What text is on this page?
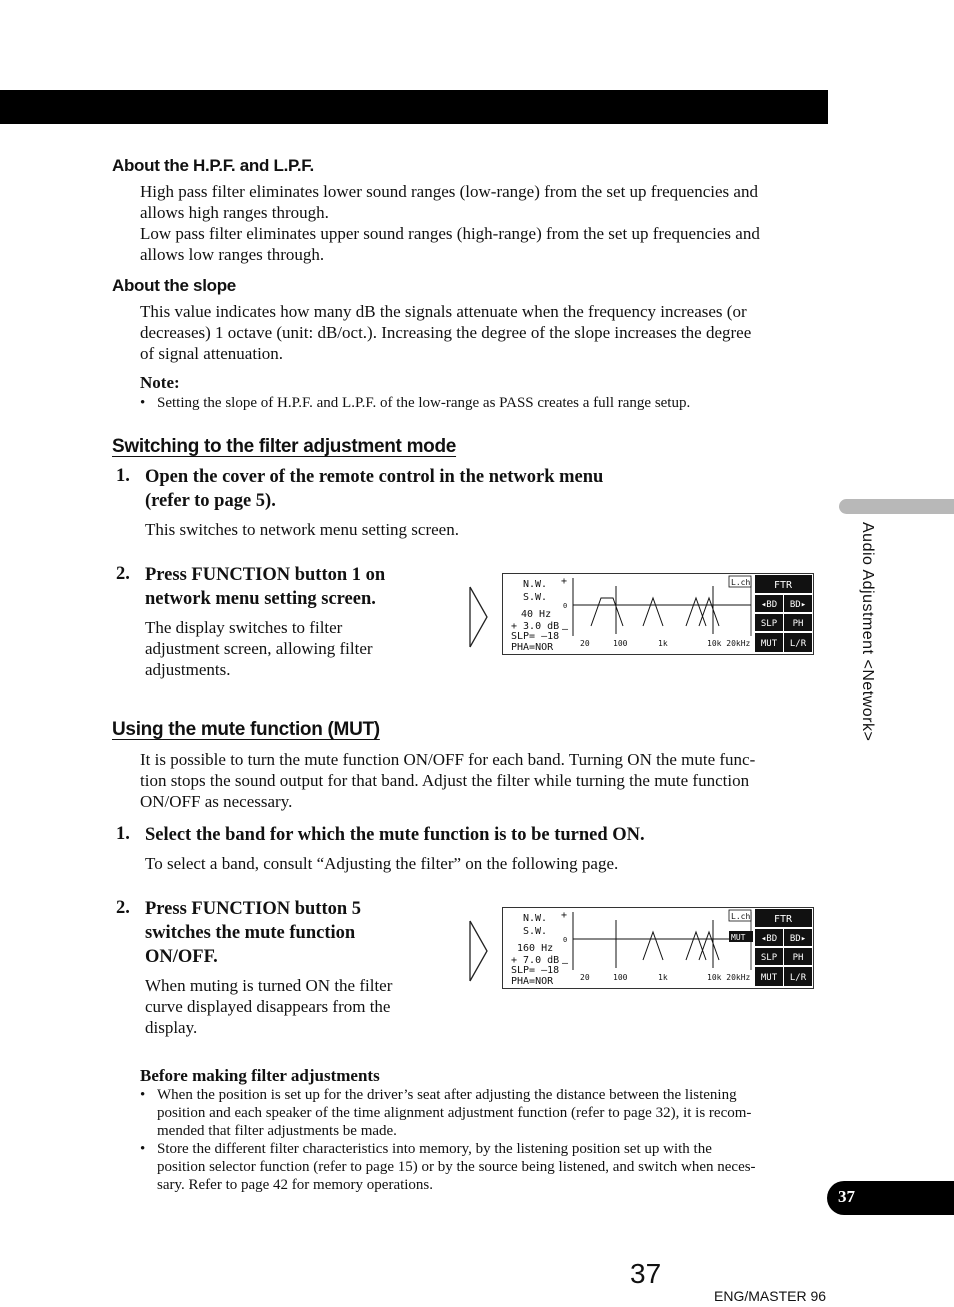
About the H.P.F. and L.P.F.
High pass filter eliminates lower sound ranges (low-range) from the set up frequencies and
allows high ranges through.
Low pass filter eliminates upper sound ranges (high-range) from the set up frequencies and
allows low ranges through.
About the slope
This value indicates how many dB the signals attenuate when the frequency increases (or
decreases) 1 octave (unit: dB/oct.). Increasing the degree of the slope increases the degree
of signal attenuation.
Note:
• Setting the slope of H.P.F. and L.P.F. of the low-range as PASS creates a full range setup.
Switching to the filter adjustment mode
1. Open the cover of the remote control in the network menu
(refer to page 5).
This switches to network menu setting screen.
2. Press FUNCTION button 1 on
network menu setting screen.
The display switches to filter
adjustment screen, allowing filter
adjustments.
N.W.
S.W.
40 Hz
+ 3.0 dB
SLP= –18
PHA=NOR
+
0
–
20	100	1k	10k 20kHz
L.ch FTR
◂BD BD▸
SLP PH
MUT L/R
Using the mute function (MUT)
It is possible to turn the mute function ON/OFF for each band. Turning ON the mute func-
tion stops the sound output for that band. Adjust the filter while turning the mute function
ON/OFF as necessary.
1. Select the band for which the mute function is to be turned ON.
To select a band, consult “Adjusting the filter” on the following page.
2. Press FUNCTION button 5
switches the mute function
ON/OFF.
When muting is turned ON the filter
curve displayed disappears from the
display.
N.W.
S.W.
160 Hz
+ 7.0 dB
SLP= –18
PHA=NOR
+
0
–
20	100	1k	10k 20kHz
L.ch
MUT
FTR
◂BD BD▸
SLP PH
MUT L/R
Before making filter adjustments
• When the position is set up for the driver’s seat after adjusting the distance between the listening
position and each speaker of the time alignment adjustment function (refer to page 32), it is recom-
mended that filter adjustments be made.
• Store the different filter characteristics into memory, by the listening position set up with the
position selector function (refer to page 15) or by the source being listened, and switch when neces-
sary. Refer to page 42 for memory operations.
Audio Adjustment <Network>
37
37
ENG/MASTER 96
